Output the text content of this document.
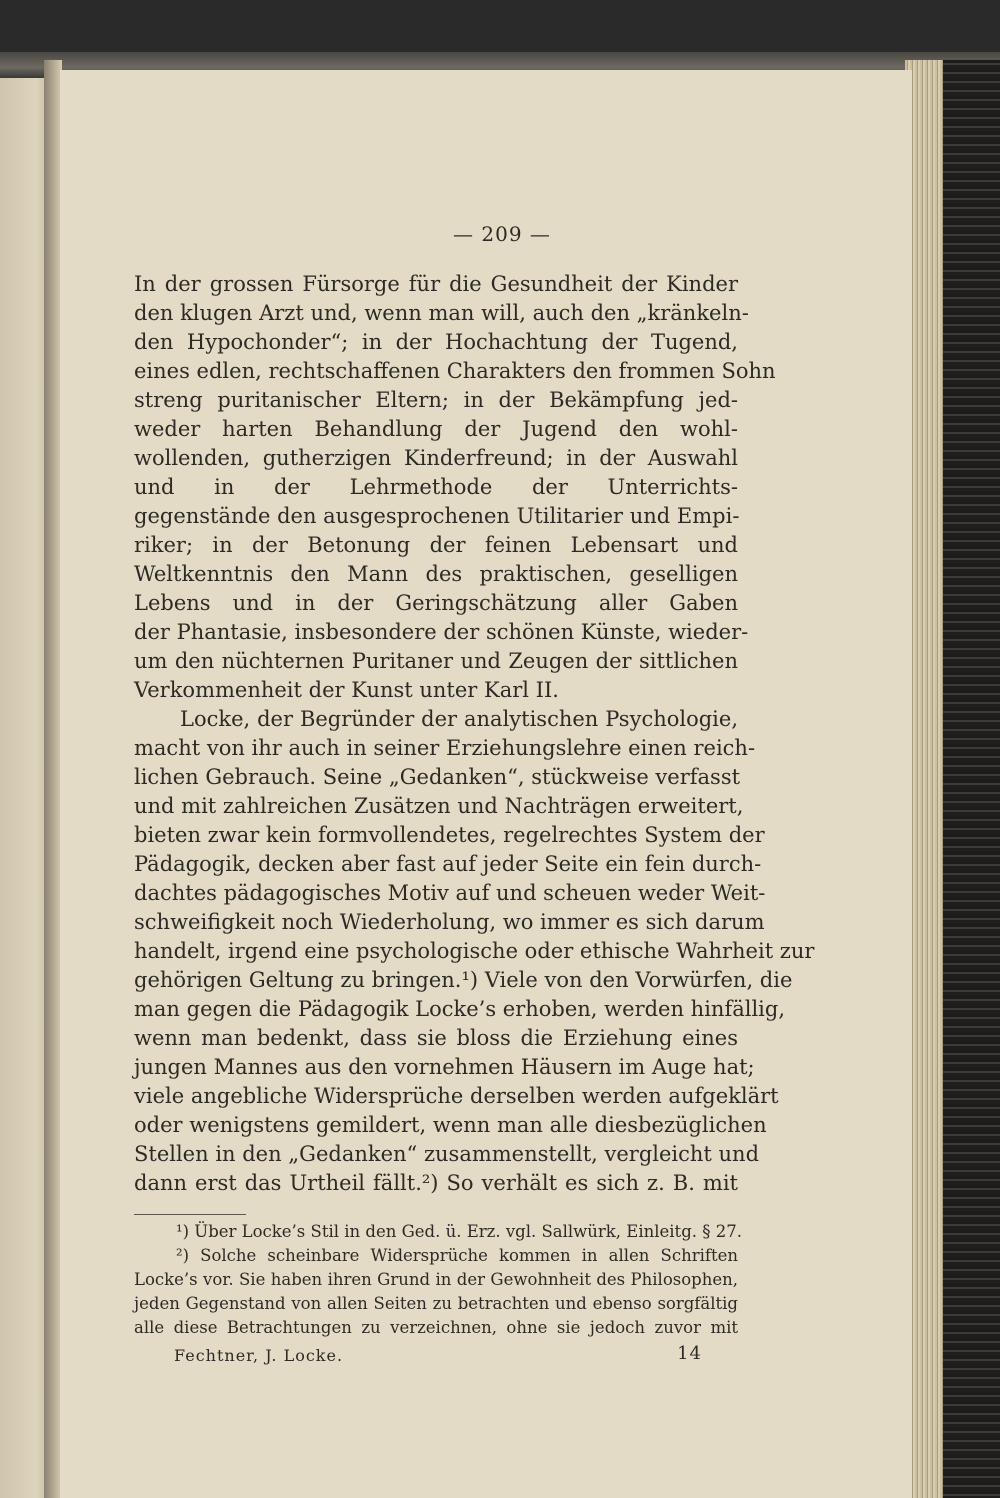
— 209 —
In der grossen Fürsorge für die Gesundheit der Kinder
den klugen Arzt und, wenn man will, auch den „kränkeln-
den Hypochonder“; in der Hochachtung der Tugend,
eines edlen, rechtschaffenen Charakters den frommen Sohn
streng puritanischer Eltern; in der Bekämpfung jed-
weder harten Behandlung der Jugend den wohl-
wollenden, gutherzigen Kinderfreund; in der Auswahl
und in der Lehrmethode der Unterrichts-
gegenstände den ausgesprochenen Utilitarier und Empi-
riker; in der Betonung der feinen Lebensart und
Weltkenntnis den Mann des praktischen, geselligen
Lebens und in der Geringschätzung aller Gaben
der Phantasie, insbesondere der schönen Künste, wieder-
um den nüchternen Puritaner und Zeugen der sittlichen
Verkommenheit der Kunst unter Karl II.
Locke, der Begründer der analytischen Psychologie,
macht von ihr auch in seiner Erziehungslehre einen reich-
lichen Gebrauch. Seine „Gedanken“, stückweise verfasst
und mit zahlreichen Zusätzen und Nachträgen erweitert,
bieten zwar kein formvollendetes, regelrechtes System der
Pädagogik, decken aber fast auf jeder Seite ein fein durch-
dachtes pädagogisches Motiv auf und scheuen weder Weit-
schweifigkeit noch Wiederholung, wo immer es sich darum
handelt, irgend eine psychologische oder ethische Wahrheit zur
gehörigen Geltung zu bringen.¹) Viele von den Vorwürfen, die
man gegen die Pädagogik Locke’s erhoben, werden hinfällig,
wenn man bedenkt, dass sie bloss die Erziehung eines
jungen Mannes aus den vornehmen Häusern im Auge hat;
viele angebliche Widersprüche derselben werden aufgeklärt
oder wenigstens gemildert, wenn man alle diesbezüglichen
Stellen in den „Gedanken“ zusammenstellt, vergleicht und
dann erst das Urtheil fällt.²) So verhält es sich z. B. mit
¹) Über Locke’s Stil in den Ged. ü. Erz. vgl. Sallwürk, Einleitg. § 27.
²) Solche scheinbare Widersprüche kommen in allen Schriften
Locke’s vor. Sie haben ihren Grund in der Gewohnheit des Philosophen,
jeden Gegenstand von allen Seiten zu betrachten und ebenso sorgfältig
alle diese Betrachtungen zu verzeichnen, ohne sie jedoch zuvor mit
Fechtner, J. Locke.	14
